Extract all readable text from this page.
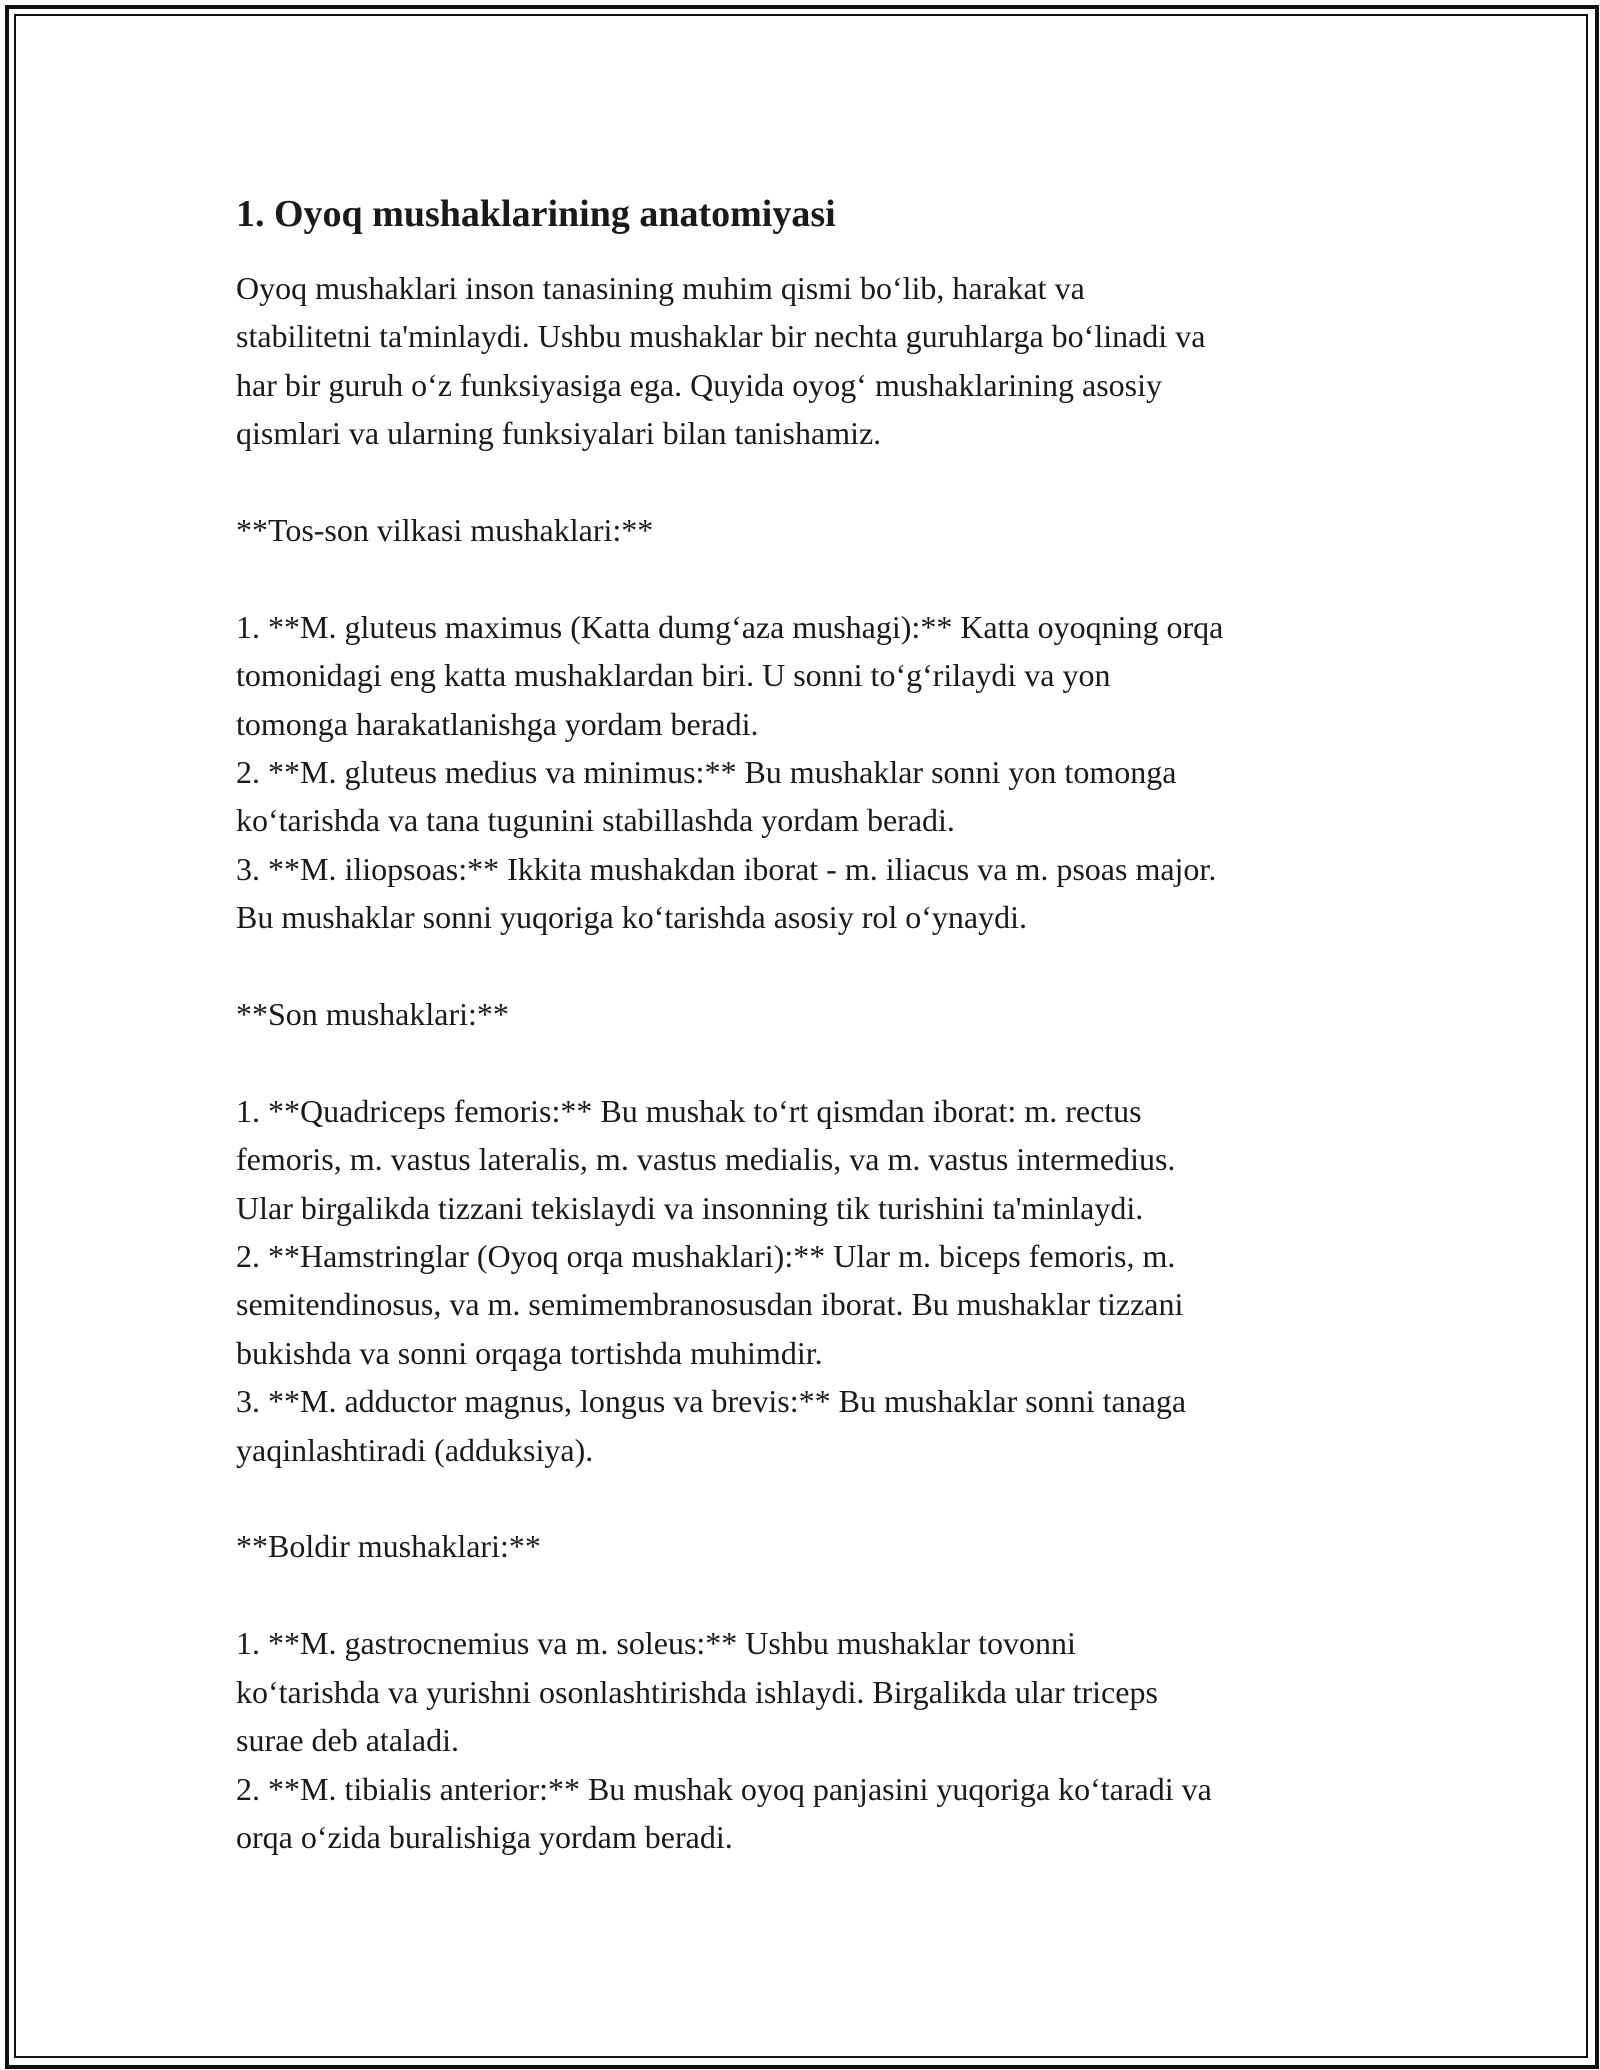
1. Oyoq mushaklarining anatomiyasi
Oyoq mushaklari inson tanasining muhim qismi bo‘lib, harakat va
stabilitetni ta'minlaydi. Ushbu mushaklar bir nechta guruhlarga bo‘linadi va
har bir guruh o‘z funksiyasiga ega. Quyida oyog‘ mushaklarining asosiy
qismlari va ularning funksiyalari bilan tanishamiz.
**Tos-son vilkasi mushaklari:**
1. **M. gluteus maximus (Katta dumg‘aza mushagi):** Katta oyoqning orqa
tomonidagi eng katta mushaklardan biri. U sonni to‘g‘rilaydi va yon
tomonga harakatlanishga yordam beradi.
2. **M. gluteus medius va minimus:** Bu mushaklar sonni yon tomonga
ko‘tarishda va tana tugunini stabillashda yordam beradi.
3. **M. iliopsoas:** Ikkita mushakdan iborat - m. iliacus va m. psoas major.
Bu mushaklar sonni yuqoriga ko‘tarishda asosiy rol o‘ynaydi.
**Son mushaklari:**
1. **Quadriceps femoris:** Bu mushak to‘rt qismdan iborat: m. rectus
femoris, m. vastus lateralis, m. vastus medialis, va m. vastus intermedius.
Ular birgalikda tizzani tekislaydi va insonning tik turishini ta'minlaydi.
2. **Hamstringlar (Oyoq orqa mushaklari):** Ular m. biceps femoris, m.
semitendinosus, va m. semimembranosusdan iborat. Bu mushaklar tizzani
bukishda va sonni orqaga tortishda muhimdir.
3. **M. adductor magnus, longus va brevis:** Bu mushaklar sonni tanaga
yaqinlashtiradi (adduksiya).
**Boldir mushaklari:**
1. **M. gastrocnemius va m. soleus:** Ushbu mushaklar tovonni
ko‘tarishda va yurishni osonlashtirishda ishlaydi. Birgalikda ular triceps
surae deb ataladi.
2. **M. tibialis anterior:** Bu mushak oyoq panjasini yuqoriga ko‘taradi va
orqa o‘zida buralishiga yordam beradi.
